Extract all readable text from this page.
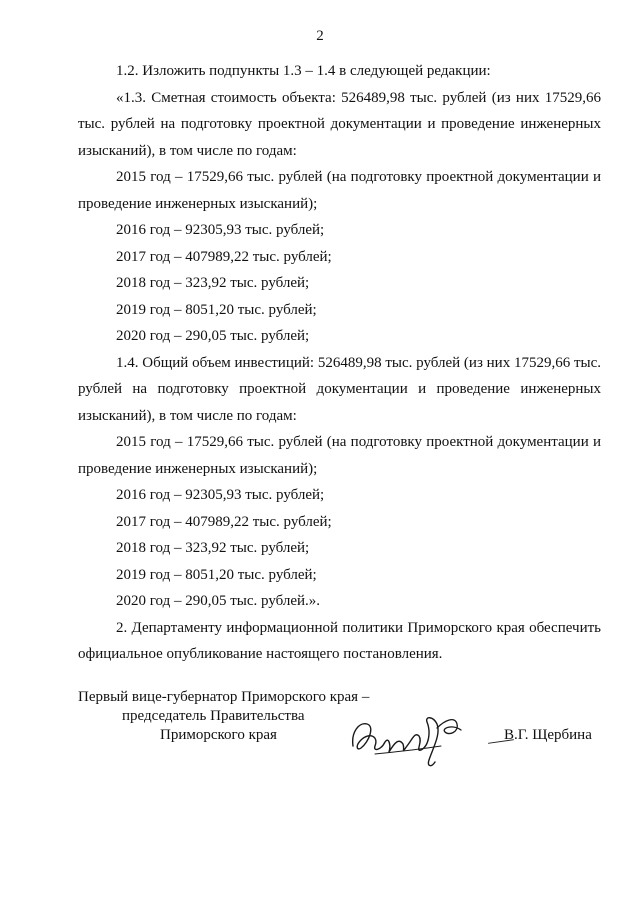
2

1.2. Изложить подпункты 1.3 – 1.4 в следующей редакции:

«1.3. Сметная стоимость объекта: 526489,98 тыс. рублей (из них 17529,66 тыс. рублей на подготовку проектной документации и проведение инженерных изысканий), в том числе по годам:

2015 год – 17529,66 тыс. рублей (на подготовку проектной документации и проведение инженерных изысканий);

2016 год – 92305,93 тыс. рублей;

2017 год – 407989,22 тыс. рублей;

2018 год – 323,92 тыс. рублей;

2019 год – 8051,20 тыс. рублей;

2020 год – 290,05 тыс. рублей;

1.4. Общий объем инвестиций: 526489,98 тыс. рублей (из них 17529,66 тыс. рублей на подготовку проектной документации и проведение инженерных изысканий), в том числе по годам:

2015 год – 17529,66 тыс. рублей (на подготовку проектной документации и проведение инженерных изысканий);

2016 год – 92305,93 тыс. рублей;

2017 год – 407989,22 тыс. рублей;

2018 год – 323,92 тыс. рублей;

2019 год – 8051,20 тыс. рублей;

2020 год – 290,05 тыс. рублей.».

2. Департаменту информационной политики Приморского края обеспечить официальное опубликование настоящего постановления.

Первый вице-губернатор Приморского края –
председатель Правительства
Приморского края	В.Г. Щербина
